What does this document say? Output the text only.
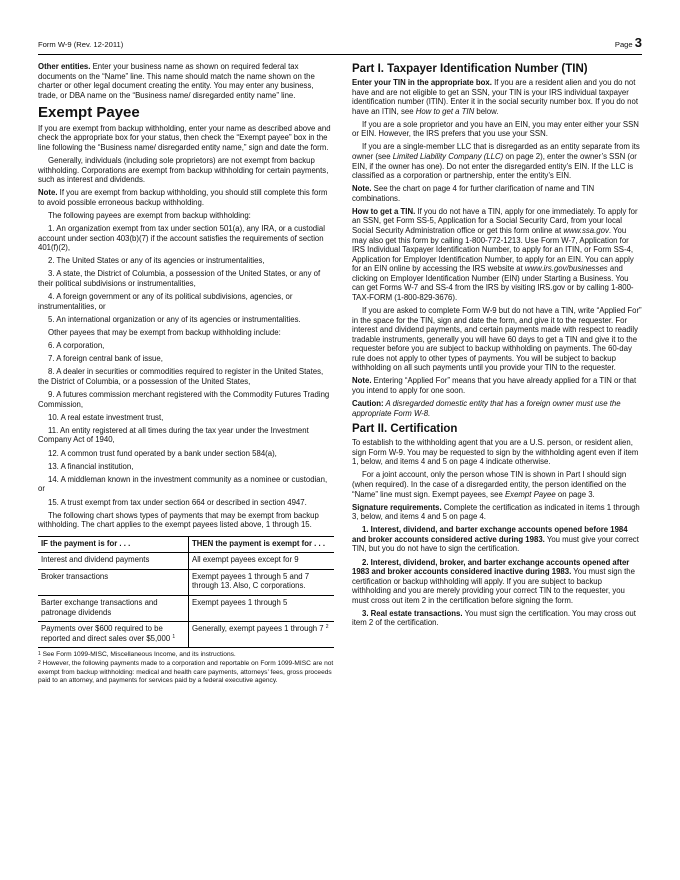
Form W-9 (Rev. 12-2011)	Page 3

Other entities. Enter your business name as shown on required federal tax documents on the “Name” line. This name should match the name shown on the charter or other legal document creating the entity. You may enter any business, trade, or DBA name on the “Business name/ disregarded entity name” line.

Exempt Payee

If you are exempt from backup withholding, enter your name as described above and check the appropriate box for your status, then check the “Exempt payee” box in the line following the “Business name/ disregarded entity name,” sign and date the form.

Generally, individuals (including sole proprietors) are not exempt from backup withholding. Corporations are exempt from backup withholding for certain payments, such as interest and dividends.

Note. If you are exempt from backup withholding, you should still complete this form to avoid possible erroneous backup withholding.

The following payees are exempt from backup withholding:

1. An organization exempt from tax under section 501(a), any IRA, or a custodial account under section 403(b)(7) if the account satisfies the requirements of section 401(f)(2),

2. The United States or any of its agencies or instrumentalities,

3. A state, the District of Columbia, a possession of the United States, or any of their political subdivisions or instrumentalities,

4. A foreign government or any of its political subdivisions, agencies, or instrumentalities, or

5. An international organization or any of its agencies or instrumentalities.

Other payees that may be exempt from backup withholding include:

6. A corporation,

7. A foreign central bank of issue,

8. A dealer in securities or commodities required to register in the United States, the District of Columbia, or a possession of the United States,

9. A futures commission merchant registered with the Commodity Futures Trading Commission,

10. A real estate investment trust,

11. An entity registered at all times during the tax year under the Investment Company Act of 1940,

12. A common trust fund operated by a bank under section 584(a),

13. A financial institution,

14. A middleman known in the investment community as a nominee or custodian, or

15. A trust exempt from tax under section 664 or described in section 4947.

The following chart shows types of payments that may be exempt from backup withholding. The chart applies to the exempt payees listed above, 1 through 15.

IF the payment is for . . .	THEN the payment is exempt for . . .
Interest and dividend payments	All exempt payees except for 9
Broker transactions	Exempt payees 1 through 5 and 7 through 13. Also, C corporations.
Barter exchange transactions and patronage dividends	Exempt payees 1 through 5
Payments over $600 required to be reported and direct sales over $5,000 $^1$	Generally, exempt payees 1 through 7 $^2$

$^1$ See Form 1099-MISC, Miscellaneous Income, and its instructions.

$^2$ However, the following payments made to a corporation and reportable on Form 1099-MISC are not exempt from backup withholding: medical and health care payments, attorneys’ fees, gross proceeds paid to an attorney, and payments for services paid by a federal executive agency.

Part I. Taxpayer Identification Number (TIN)

Enter your TIN in the appropriate box. If you are a resident alien and you do not have and are not eligible to get an SSN, your TIN is your IRS individual taxpayer identification number (ITIN). Enter it in the social security number box. If you do not have an ITIN, see How to get a TIN below.

If you are a sole proprietor and you have an EIN, you may enter either your SSN or EIN. However, the IRS prefers that you use your SSN.

If you are a single-member LLC that is disregarded as an entity separate from its owner (see Limited Liability Company (LLC) on page 2), enter the owner’s SSN (or EIN, if the owner has one). Do not enter the disregarded entity’s EIN. If the LLC is classified as a corporation or partnership, enter the entity’s EIN.

Note. See the chart on page 4 for further clarification of name and TIN combinations.

How to get a TIN. If you do not have a TIN, apply for one immediately. To apply for an SSN, get Form SS-5, Application for a Social Security Card, from your local Social Security Administration office or get this form online at www.ssa.gov. You may also get this form by calling 1-800-772-1213. Use Form W-7, Application for IRS Individual Taxpayer Identification Number, to apply for an ITIN, or Form SS-4, Application for Employer Identification Number, to apply for an EIN. You can apply for an EIN online by accessing the IRS website at www.irs.gov/businesses and clicking on Employer Identification Number (EIN) under Starting a Business. You can get Forms W-7 and SS-4 from the IRS by visiting IRS.gov or by calling 1-800-TAX-FORM (1-800-829-3676).

If you are asked to complete Form W-9 but do not have a TIN, write “Applied For” in the space for the TIN, sign and date the form, and give it to the requester. For interest and dividend payments, and certain payments made with respect to readily tradable instruments, generally you will have 60 days to get a TIN and give it to the requester before you are subject to backup withholding on payments. The 60-day rule does not apply to other types of payments. You will be subject to backup withholding on all such payments until you provide your TIN to the requester.

Note. Entering “Applied For” means that you have already applied for a TIN or that you intend to apply for one soon.

Caution: A disregarded domestic entity that has a foreign owner must use the appropriate Form W-8.

Part II. Certification

To establish to the withholding agent that you are a U.S. person, or resident alien, sign Form W-9. You may be requested to sign by the withholding agent even if item 1, below, and items 4 and 5 on page 4 indicate otherwise.

For a joint account, only the person whose TIN is shown in Part I should sign (when required). In the case of a disregarded entity, the person identified on the “Name” line must sign. Exempt payees, see Exempt Payee on page 3.

Signature requirements. Complete the certification as indicated in items 1 through 3, below, and items 4 and 5 on page 4.

1. Interest, dividend, and barter exchange accounts opened before 1984 and broker accounts considered active during 1983. You must give your correct TIN, but you do not have to sign the certification.

2. Interest, dividend, broker, and barter exchange accounts opened after 1983 and broker accounts considered inactive during 1983. You must sign the certification or backup withholding will apply. If you are subject to backup withholding and you are merely providing your correct TIN to the requester, you must cross out item 2 in the certification before signing the form.

3. Real estate transactions. You must sign the certification. You may cross out item 2 of the certification.
